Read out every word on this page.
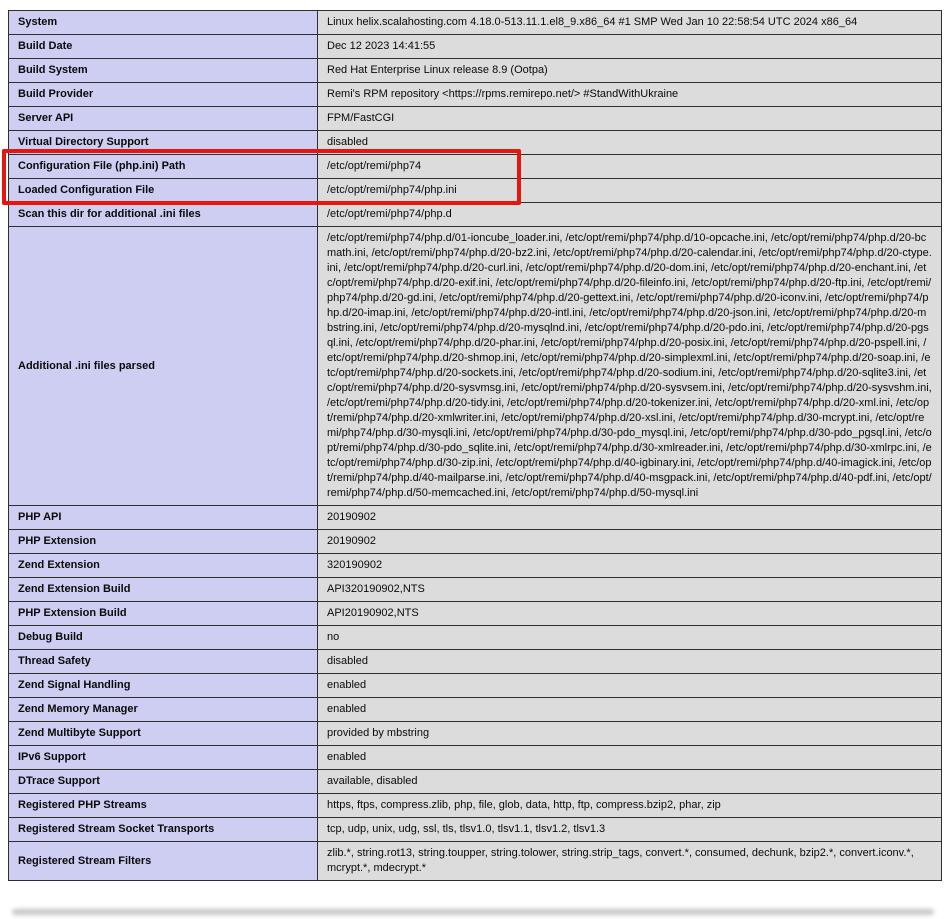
System	Linux helix.scalahosting.com 4.18.0-513.11.1.el8_9.x86_64 #1 SMP Wed Jan 10 22:58:54 UTC 2024 x86_64
Build Date	Dec 12 2023 14:41:55
Build System	Red Hat Enterprise Linux release 8.9 (Ootpa)
Build Provider	Remi's RPM repository <https://rpms.remirepo.net/> #StandWithUkraine
Server API	FPM/FastCGI
Virtual Directory Support	disabled
Configuration File (php.ini) Path	/etc/opt/remi/php74
Loaded Configuration File	/etc/opt/remi/php74/php.ini
Scan this dir for additional .ini files	/etc/opt/remi/php74/php.d
Additional .ini files parsed	/etc/opt/remi/php74/php.d/01-ioncube_loader.ini, /etc/opt/remi/php74/php.d/10-opcache.ini, /etc/opt/remi/php74/php.d/20-bcmath.ini, /etc/opt/remi/php74/php.d/20-bz2.ini, /etc/opt/remi/php74/php.d/20-calendar.ini, /etc/opt/remi/php74/php.d/20-ctype.ini, /etc/opt/remi/php74/php.d/20-curl.ini, /etc/opt/remi/php74/php.d/20-dom.ini, /etc/opt/remi/php74/php.d/20-enchant.ini, /etc/opt/remi/php74/php.d/20-exif.ini, /etc/opt/remi/php74/php.d/20-fileinfo.ini, /etc/opt/remi/php74/php.d/20-ftp.ini, /etc/opt/remi/php74/php.d/20-gd.ini, /etc/opt/remi/php74/php.d/20-gettext.ini, /etc/opt/remi/php74/php.d/20-iconv.ini, /etc/opt/remi/php74/php.d/20-imap.ini, /etc/opt/remi/php74/php.d/20-intl.ini, /etc/opt/remi/php74/php.d/20-json.ini, /etc/opt/remi/php74/php.d/20-mbstring.ini, /etc/opt/remi/php74/php.d/20-mysqlnd.ini, /etc/opt/remi/php74/php.d/20-pdo.ini, /etc/opt/remi/php74/php.d/20-pgsql.ini, /etc/opt/remi/php74/php.d/20-phar.ini, /etc/opt/remi/php74/php.d/20-posix.ini, /etc/opt/remi/php74/php.d/20-pspell.ini, /etc/opt/remi/php74/php.d/20-shmop.ini, /etc/opt/remi/php74/php.d/20-simplexml.ini, /etc/opt/remi/php74/php.d/20-soap.ini, /etc/opt/remi/php74/php.d/20-sockets.ini, /etc/opt/remi/php74/php.d/20-sodium.ini, /etc/opt/remi/php74/php.d/20-sqlite3.ini, /etc/opt/remi/php74/php.d/20-sysvmsg.ini, /etc/opt/remi/php74/php.d/20-sysvsem.ini, /etc/opt/remi/php74/php.d/20-sysvshm.ini, /etc/opt/remi/php74/php.d/20-tidy.ini, /etc/opt/remi/php74/php.d/20-tokenizer.ini, /etc/opt/remi/php74/php.d/20-xml.ini, /etc/opt/remi/php74/php.d/20-xmlwriter.ini, /etc/opt/remi/php74/php.d/20-xsl.ini, /etc/opt/remi/php74/php.d/30-mcrypt.ini, /etc/opt/remi/php74/php.d/30-mysqli.ini, /etc/opt/remi/php74/php.d/30-pdo_mysql.ini, /etc/opt/remi/php74/php.d/30-pdo_pgsql.ini, /etc/opt/remi/php74/php.d/30-pdo_sqlite.ini, /etc/opt/remi/php74/php.d/30-xmlreader.ini, /etc/opt/remi/php74/php.d/30-xmlrpc.ini, /etc/opt/remi/php74/php.d/30-zip.ini, /etc/opt/remi/php74/php.d/40-igbinary.ini, /etc/opt/remi/php74/php.d/40-imagick.ini, /etc/opt/remi/php74/php.d/40-mailparse.ini, /etc/opt/remi/php74/php.d/40-msgpack.ini, /etc/opt/remi/php74/php.d/40-pdf.ini, /etc/opt/remi/php74/php.d/50-memcached.ini, /etc/opt/remi/php74/php.d/50-mysql.ini
PHP API	20190902
PHP Extension	20190902
Zend Extension	320190902
Zend Extension Build	API320190902,NTS
PHP Extension Build	API20190902,NTS
Debug Build	no
Thread Safety	disabled
Zend Signal Handling	enabled
Zend Memory Manager	enabled
Zend Multibyte Support	provided by mbstring
IPv6 Support	enabled
DTrace Support	available, disabled
Registered PHP Streams	https, ftps, compress.zlib, php, file, glob, data, http, ftp, compress.bzip2, phar, zip
Registered Stream Socket Transports	tcp, udp, unix, udg, ssl, tls, tlsv1.0, tlsv1.1, tlsv1.2, tlsv1.3
Registered Stream Filters	zlib.*, string.rot13, string.toupper, string.tolower, string.strip_tags, convert.*, consumed, dechunk, bzip2.*, convert.iconv.*, mcrypt.*, mdecrypt.*
